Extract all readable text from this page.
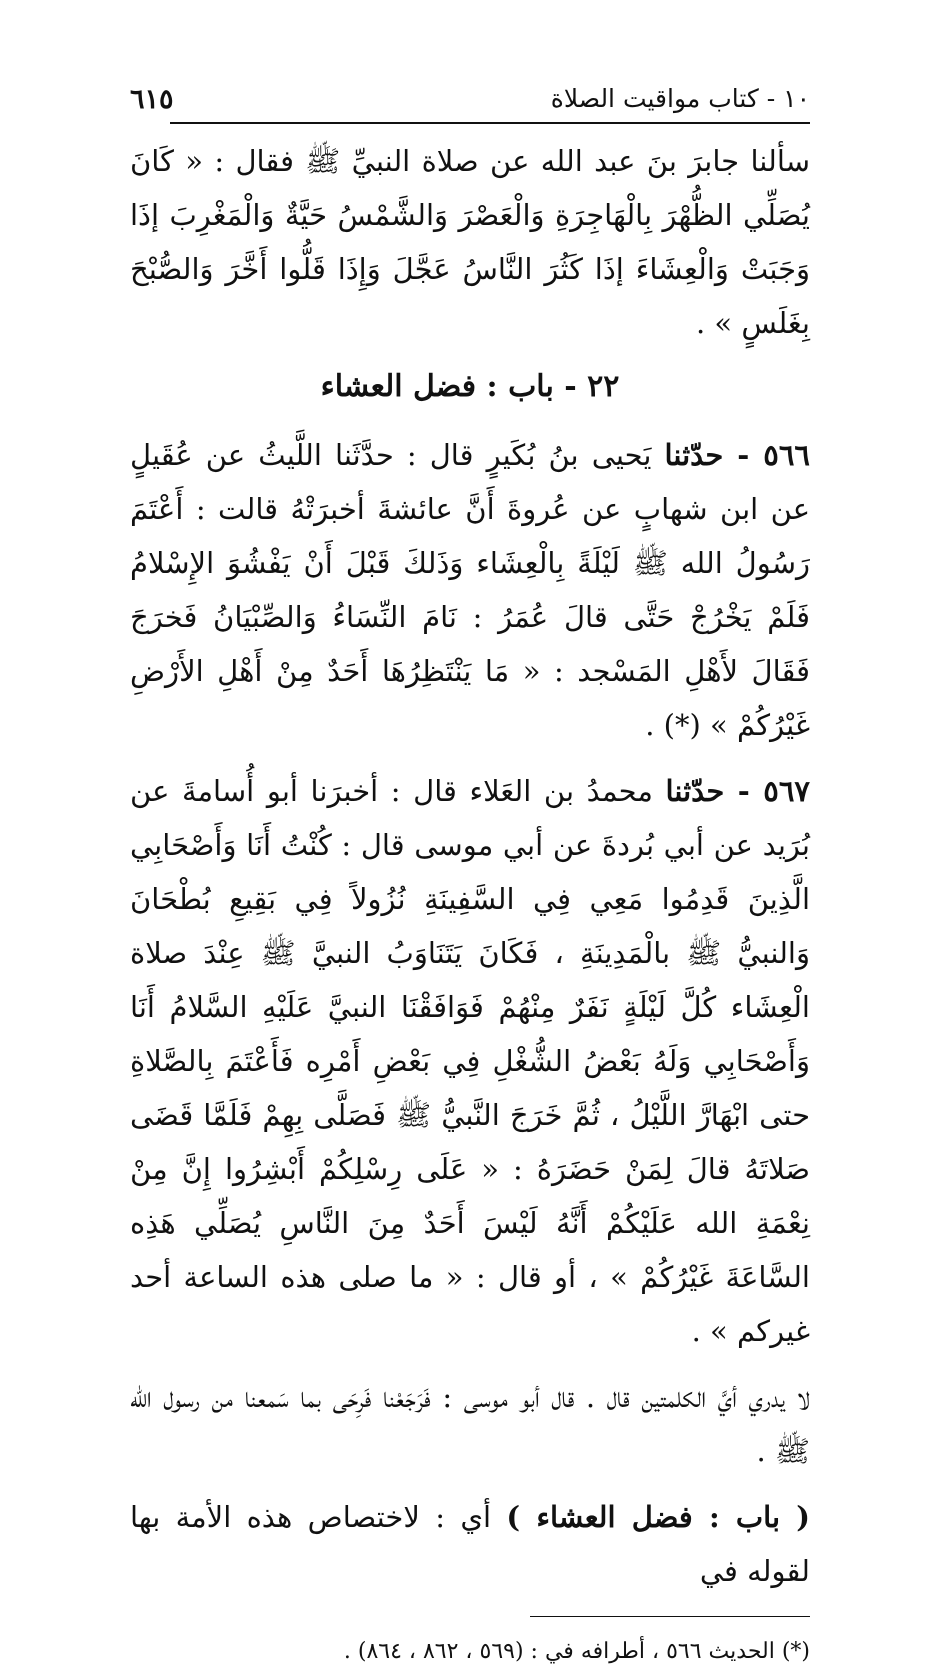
١٠ - كتاب مواقيت الصلاة
٦١٥

سألنا جابرَ بنَ عبد الله عن صلاة النبيِّ ﷺ فقال : « كَانَ يُصَلِّي الظُّهْرَ بِالْهَاجِرَةِ وَالْعَصْرَ وَالشَّمْسُ حَيَّةٌ وَالْمَغْرِبَ إذَا وَجَبَتْ وَالْعِشَاءَ إذَا كَثُرَ النَّاسُ عَجَّلَ وَإِذَا قَلُّوا أَخَّرَ وَالصُّبْحَ بِغَلَسٍ » .

٢٢ - باب : فضل العشاء

٥٦٦ - حدّثنا يَحيى بنُ بُكَيرٍ قال : حدَّثَنا اللَّيثُ عن عُقَيلٍ عن ابن شهابٍ عن عُروةَ أَنَّ عائشةَ أخبرَتْهُ قالت : أَعْتَمَ رَسُولُ الله ﷺ لَيْلَةً بِالْعِشَاء وَذَلكَ قَبْلَ أَنْ يَفْشُوَ الإِسْلامُ فَلَمْ يَخْرُجْ حَتَّى قالَ عُمَرُ : نَامَ النِّسَاءُ وَالصِّبْيَانُ فَخرَجَ فَقَالَ لأَهْلِ المَسْجد : « مَا يَنْتَظِرُهَا أَحَدٌ مِنْ أَهْلِ الأَرْضِ غَيْرُكُمْ » (*) .

٥٦٧ - حدّثنا محمدُ بن العَلاء قال : أخبرَنا أبو أُسامةَ عن بُرَيد عن أبي بُردةَ عن أبي موسى قال : كُنْتُ أَنَا وَأَصْحَابِي الَّذِينَ قَدِمُوا مَعِي فِي السَّفِينَةِ نُزُولاً فِي بَقِيعِ بُطْحَانَ وَالنبيُّ ﷺ بالْمَدِينَةِ ، فَكَانَ يَتَنَاوَبُ النبيَّ ﷺ عِنْدَ صلاة الْعِشَاء كُلَّ لَيْلَةٍ نَفَرٌ مِنْهُمْ فَوَافَقْنَا النبيَّ عَلَيْهِ السَّلامُ أَنَا وَأَصْحَابِي وَلَهُ بَعْضُ الشُّغْلِ فِي بَعْضِ أَمْرِه فَأَعْتَمَ بِالصَّلاةِ حتى ابْهَارَّ اللَّيْلُ ، ثُمَّ خَرَجَ النَّبيُّ ﷺ فَصَلَّى بِهِمْ فَلَمَّا قَضَى صَلاتَهُ قالَ لِمَنْ حَضَرَهُ : « عَلَى رِسْلِكُمْ أَبْشِرُوا إِنَّ مِنْ نِعْمَةِ الله عَلَيْكُمْ أَنَّهُ لَيْسَ أَحَدٌ مِنَ النَّاسِ يُصَلِّي هَذِه السَّاعَةَ غَيْرُكُمْ » ، أو قال : « ما صلى هذه الساعة أحد غيركم » .

لا يدري أيَّ الكلمتين قال . قال أبو موسى : فَرَجَعْنا فَرِحَى بما سَمعنا من رسول الله ﷺ .

( باب : فضل العشاء ) أي : لاختصاص هذه الأمة بها لقوله في

(*) الحديث ٥٦٦ ، أطرافه في : (٥٦٩ ، ٨٦٢ ، ٨٦٤) .
